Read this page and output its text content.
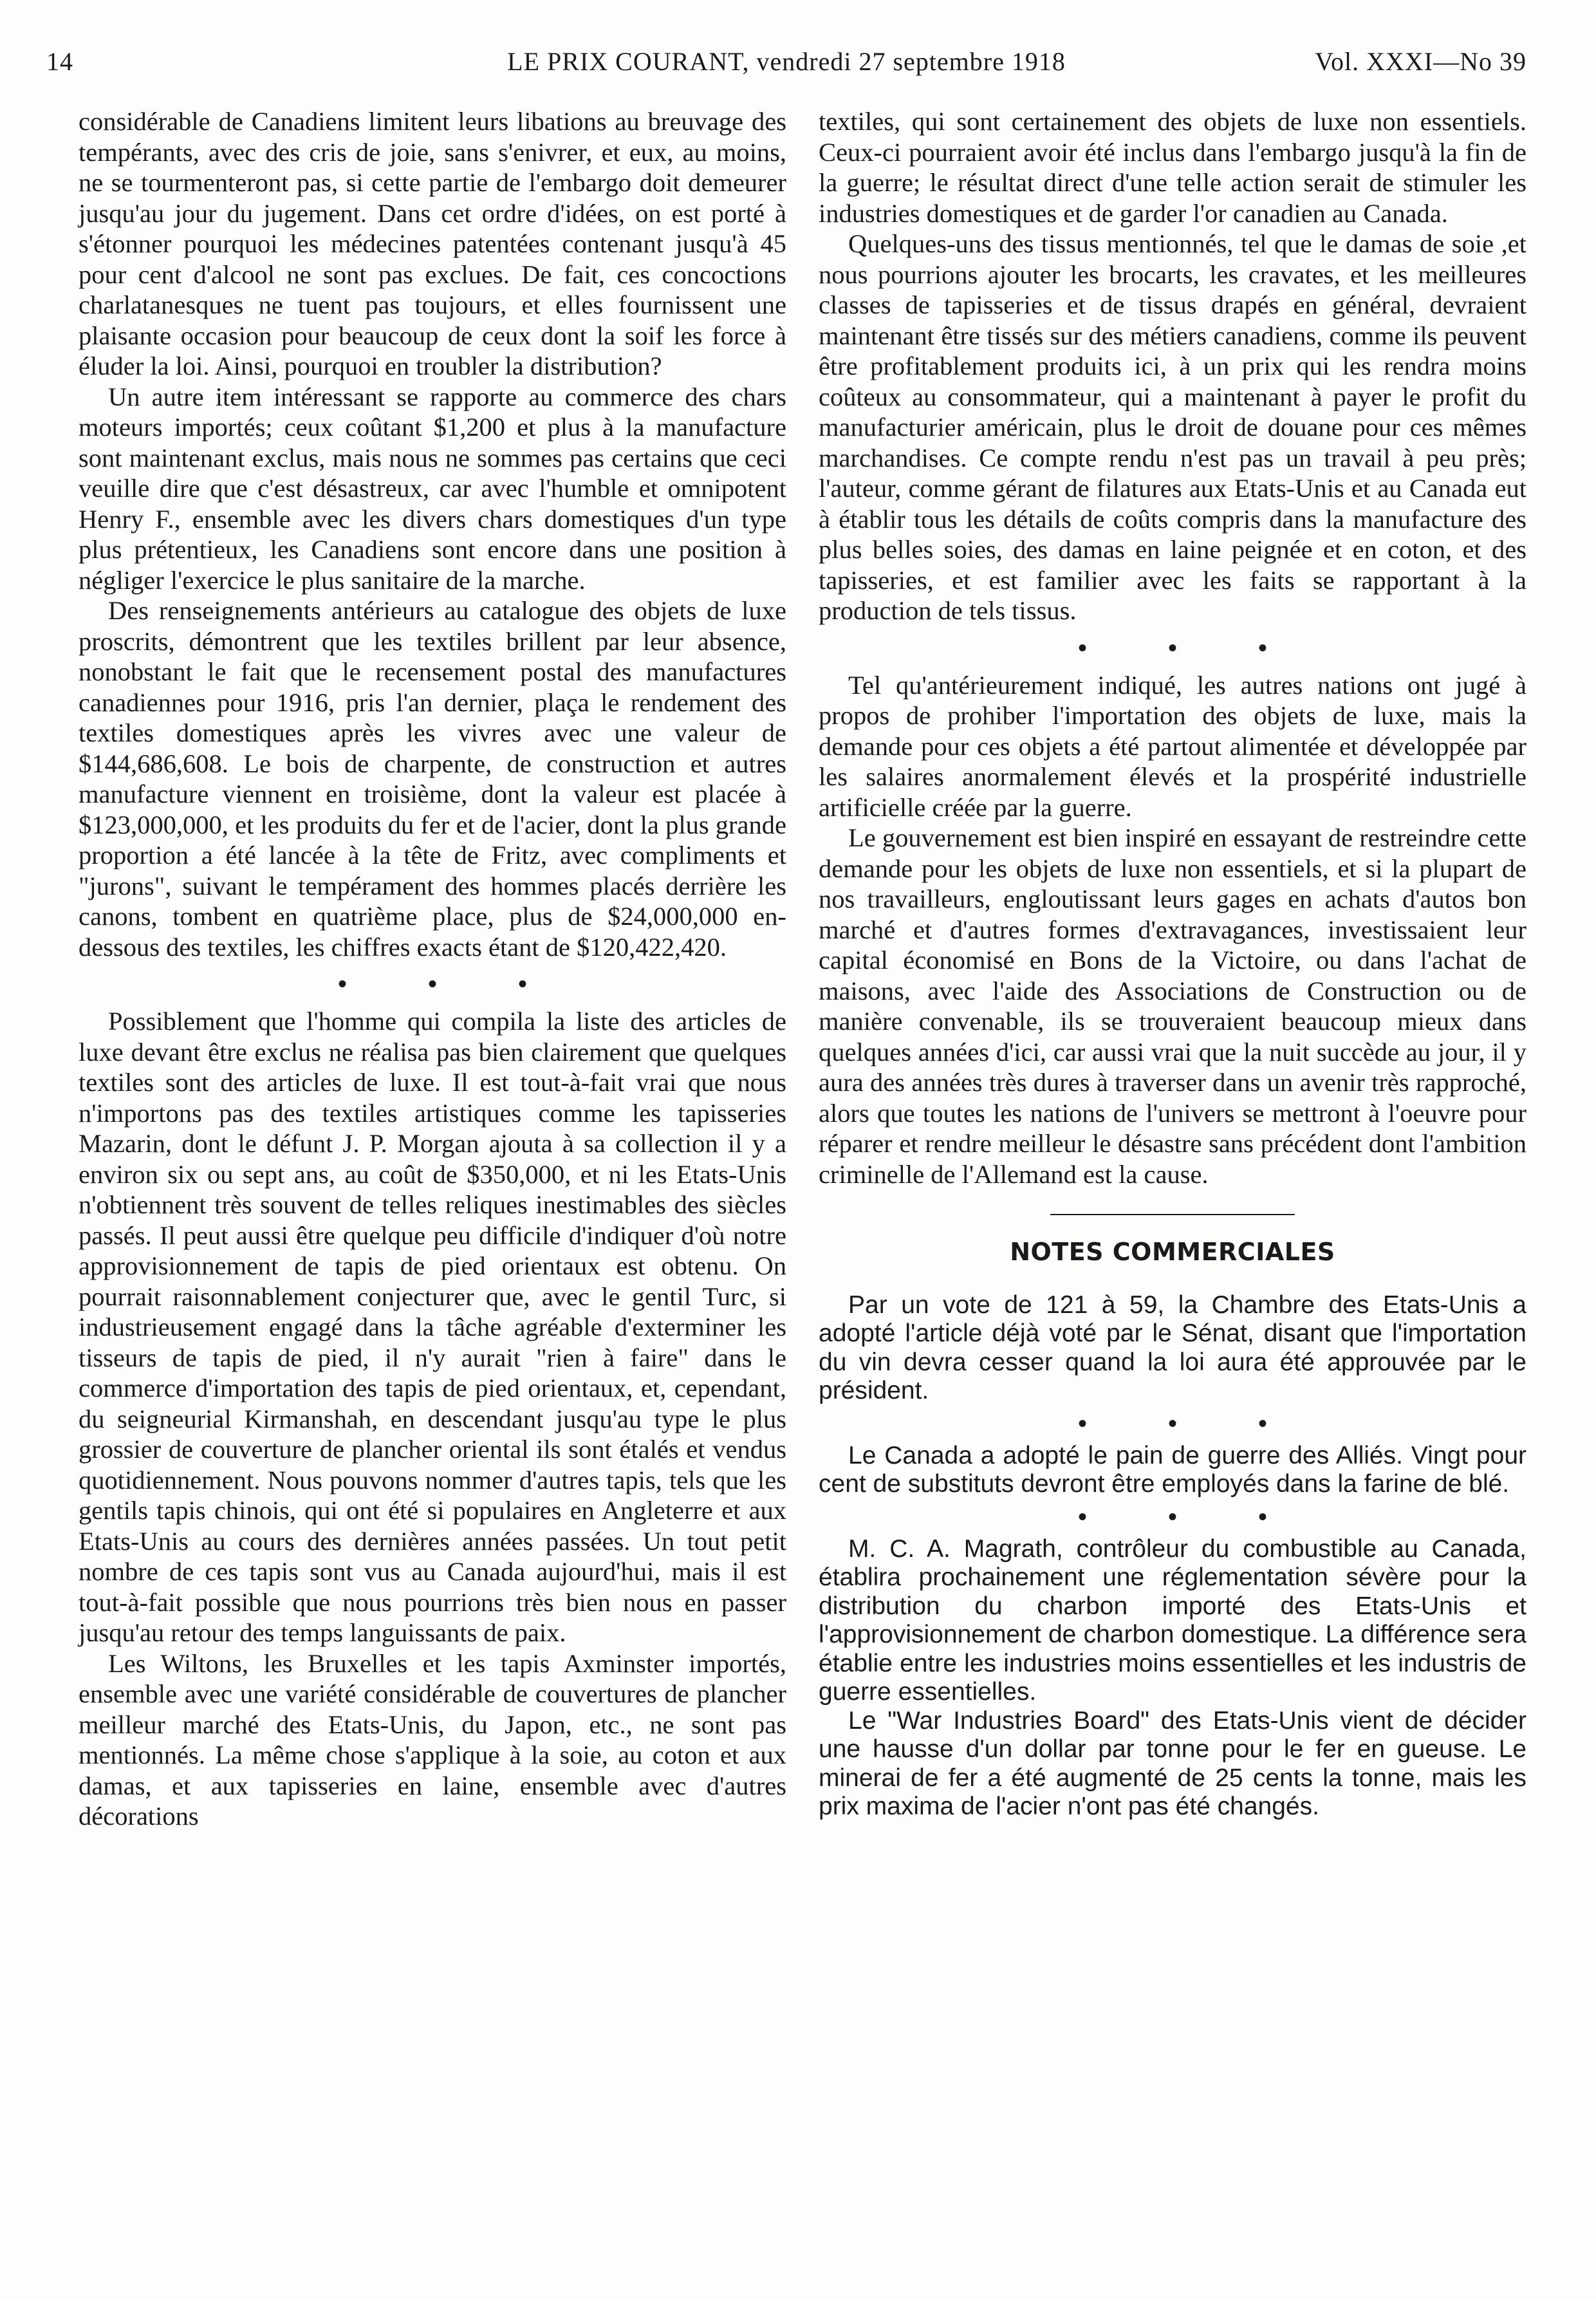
14	LE PRIX COURANT, vendredi 27 septembre 1918	Vol. XXXI—No 39

considérable de Canadiens limitent leurs libations au breuvage des tempérants, avec des cris de joie, sans s'enivrer, et eux, au moins, ne se tourmenteront pas, si cette partie de l'embargo doit demeurer jusqu'au jour du jugement. Dans cet ordre d'idées, on est porté à s'étonner pourquoi les médecines patentées contenant jusqu'à 45 pour cent d'alcool ne sont pas exclues. De fait, ces concoctions charlatanesques ne tuent pas toujours, et elles fournissent une plaisante occasion pour beaucoup de ceux dont la soif les force à éluder la loi. Ainsi, pourquoi en troubler la distribution?

Un autre item intéressant se rapporte au commerce des chars moteurs importés; ceux coûtant $1,200 et plus à la manufacture sont maintenant exclus, mais nous ne sommes pas certains que ceci veuille dire que c'est désastreux, car avec l'humble et omnipotent Henry F., ensemble avec les divers chars domestiques d'un type plus prétentieux, les Canadiens sont encore dans une position à négliger l'exercice le plus sanitaire de la marche.

Des renseignements antérieurs au catalogue des objets de luxe proscrits, démontrent que les textiles brillent par leur absence, nonobstant le fait que le recensement postal des manufactures canadiennes pour 1916, pris l'an dernier, plaça le rendement des textiles domestiques après les vivres avec une valeur de $144,686,608. Le bois de charpente, de construction et autres manufacture viennent en troisième, dont la valeur est placée à $123,000,000, et les produits du fer et de l'acier, dont la plus grande proportion a été lancée à la tête de Fritz, avec compliments et "jurons", suivant le tempérament des hommes placés derrière les canons, tombent en quatrième place, plus de $24,000,000 en-dessous des textiles, les chiffres exacts étant de $120,422,420.

• • •

Possiblement que l'homme qui compila la liste des articles de luxe devant être exclus ne réalisa pas bien clairement que quelques textiles sont des articles de luxe. Il est tout-à-fait vrai que nous n'importons pas des textiles artistiques comme les tapisseries Mazarin, dont le défunt J. P. Morgan ajouta à sa collection il y a environ six ou sept ans, au coût de $350,000, et ni les Etats-Unis n'obtiennent très souvent de telles reliques inestimables des siècles passés. Il peut aussi être quelque peu difficile d'indiquer d'où notre approvisionnement de tapis de pied orientaux est obtenu. On pourrait raisonnablement conjecturer que, avec le gentil Turc, si industrieusement engagé dans la tâche agréable d'exterminer les tisseurs de tapis de pied, il n'y aurait "rien à faire" dans le commerce d'importation des tapis de pied orientaux, et, cependant, du seigneurial Kirmanshah, en descendant jusqu'au type le plus grossier de couverture de plancher oriental ils sont étalés et vendus quotidiennement. Nous pouvons nommer d'autres tapis, tels que les gentils tapis chinois, qui ont été si populaires en Angleterre et aux Etats-Unis au cours des dernières années passées. Un tout petit nombre de ces tapis sont vus au Canada aujourd'hui, mais il est tout-à-fait possible que nous pourrions très bien nous en passer jusqu'au retour des temps languissants de paix.

Les Wiltons, les Bruxelles et les tapis Axminster importés, ensemble avec une variété considérable de couvertures de plancher meilleur marché des Etats-Unis, du Japon, etc., ne sont pas mentionnés. La même chose s'applique à la soie, au coton et aux damas, et aux tapisseries en laine, ensemble avec d'autres décorations

textiles, qui sont certainement des objets de luxe non essentiels. Ceux-ci pourraient avoir été inclus dans l'embargo jusqu'à la fin de la guerre; le résultat direct d'une telle action serait de stimuler les industries domestiques et de garder l'or canadien au Canada.

Quelques-uns des tissus mentionnés, tel que le damas de soie ,et nous pourrions ajouter les brocarts, les cravates, et les meilleures classes de tapisseries et de tissus drapés en général, devraient maintenant être tissés sur des métiers canadiens, comme ils peuvent être profitablement produits ici, à un prix qui les rendra moins coûteux au consommateur, qui a maintenant à payer le profit du manufacturier américain, plus le droit de douane pour ces mêmes marchandises. Ce compte rendu n'est pas un travail à peu près; l'auteur, comme gérant de filatures aux Etats-Unis et au Canada eut à établir tous les détails de coûts compris dans la manufacture des plus belles soies, des damas en laine peignée et en coton, et des tapisseries, et est familier avec les faits se rapportant à la production de tels tissus.

• • •

Tel qu'antérieurement indiqué, les autres nations ont jugé à propos de prohiber l'importation des objets de luxe, mais la demande pour ces objets a été partout alimentée et développée par les salaires anormalement élevés et la prospérité industrielle artificielle créée par la guerre.

Le gouvernement est bien inspiré en essayant de restreindre cette demande pour les objets de luxe non essentiels, et si la plupart de nos travailleurs, engloutissant leurs gages en achats d'autos bon marché et d'autres formes d'extravagances, investissaient leur capital économisé en Bons de la Victoire, ou dans l'achat de maisons, avec l'aide des Associations de Construction ou de manière convenable, ils se trouveraient beaucoup mieux dans quelques années d'ici, car aussi vrai que la nuit succède au jour, il y aura des années très dures à traverser dans un avenir très rapproché, alors que toutes les nations de l'univers se mettront à l'oeuvre pour réparer et rendre meilleur le désastre sans précédent dont l'ambition criminelle de l'Allemand est la cause.

NOTES COMMERCIALES

Par un vote de 121 à 59, la Chambre des Etats-Unis a adopté l'article déjà voté par le Sénat, disant que l'importation du vin devra cesser quand la loi aura été approuvée par le président.

• • •

Le Canada a adopté le pain de guerre des Alliés. Vingt pour cent de substituts devront être employés dans la farine de blé.

• • •

M. C. A. Magrath, contrôleur du combustible au Canada, établira prochainement une réglementation sévère pour la distribution du charbon importé des Etats-Unis et l'approvisionnement de charbon domestique. La différence sera établie entre les industries moins essentielles et les industris de guerre essentielles.

Le "War Industries Board" des Etats-Unis vient de décider une hausse d'un dollar par tonne pour le fer en gueuse. Le minerai de fer a été augmenté de 25 cents la tonne, mais les prix maxima de l'acier n'ont pas été changés.
